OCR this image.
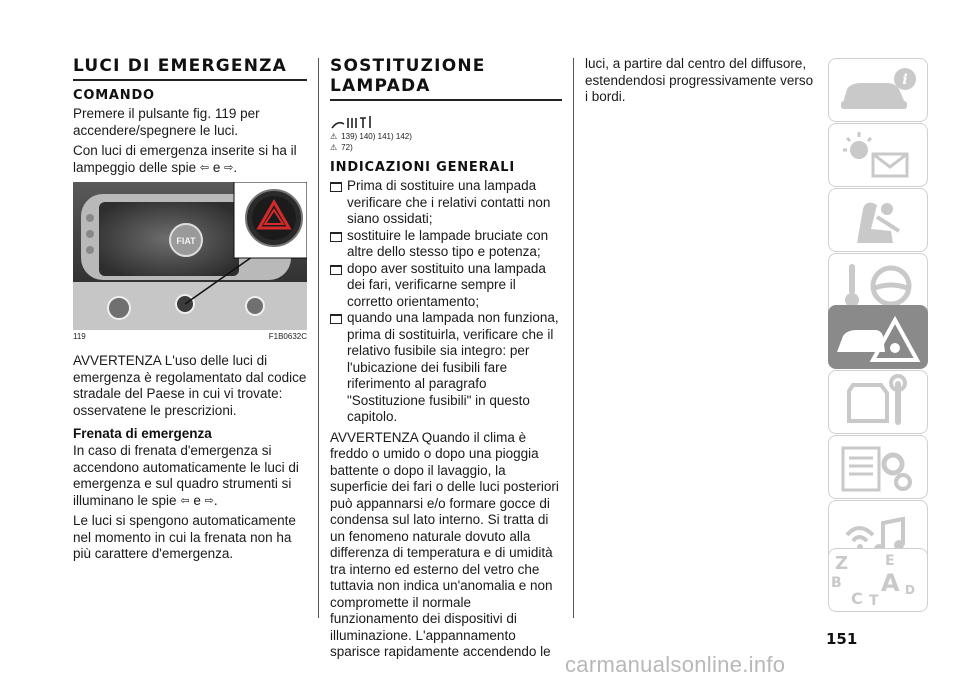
LUCI DI EMERGENZA
COMANDO

Premere il pulsante fig. 119 per accendere/spegnere le luci.

Con luci di emergenza inserite si ha il lampeggio delle spie ⇦ e ⇨.

FIAT
119	F1B0632C

AVVERTENZA L'uso delle luci di emergenza è regolamentato dal codice stradale del Paese in cui vi trovate: osservatene le prescrizioni.

Frenata di emergenza

In caso di frenata d'emergenza si accendono automaticamente le luci di emergenza e sul quadro strumenti si illuminano le spie ⇦ e ⇨.

Le luci si spengono automaticamente nel momento in cui la frenata non ha più carattere d'emergenza.

SOSTITUZIONE
LAMPADA
⚠ 139) 140) 141) 142)
⚠ 72)
INDICAZIONI GENERALI
Prima di sostituire una lampada verificare che i relativi contatti non siano ossidati;
sostituire le lampade bruciate con altre dello stesso tipo e potenza;
dopo aver sostituito una lampada dei fari, verificarne sempre il corretto orientamento;
quando una lampada non funziona, prima di sostituirla, verificare che il relativo fusibile sia integro: per l'ubicazione dei fusibili fare riferimento al paragrafo "Sostituzione fusibili" in questo capitolo.

AVVERTENZA Quando il clima è freddo o umido o dopo una pioggia battente o dopo il lavaggio, la superficie dei fari o delle luci posteriori può appannarsi e/o formare gocce di condensa sul lato interno. Si tratta di un fenomeno naturale dovuto alla differenza di temperatura e di umidità tra interno ed esterno del vetro che tuttavia non indica un'anomalia e non compromette il normale funzionamento dei dispositivi di illuminazione. L'appannamento sparisce rapidamente accendendo le

luci, a partire dal centro del diffusore, estendendosi progressivamente verso i bordi.

i
Z	E
B A D
C T
151
carmanualsonline.info
